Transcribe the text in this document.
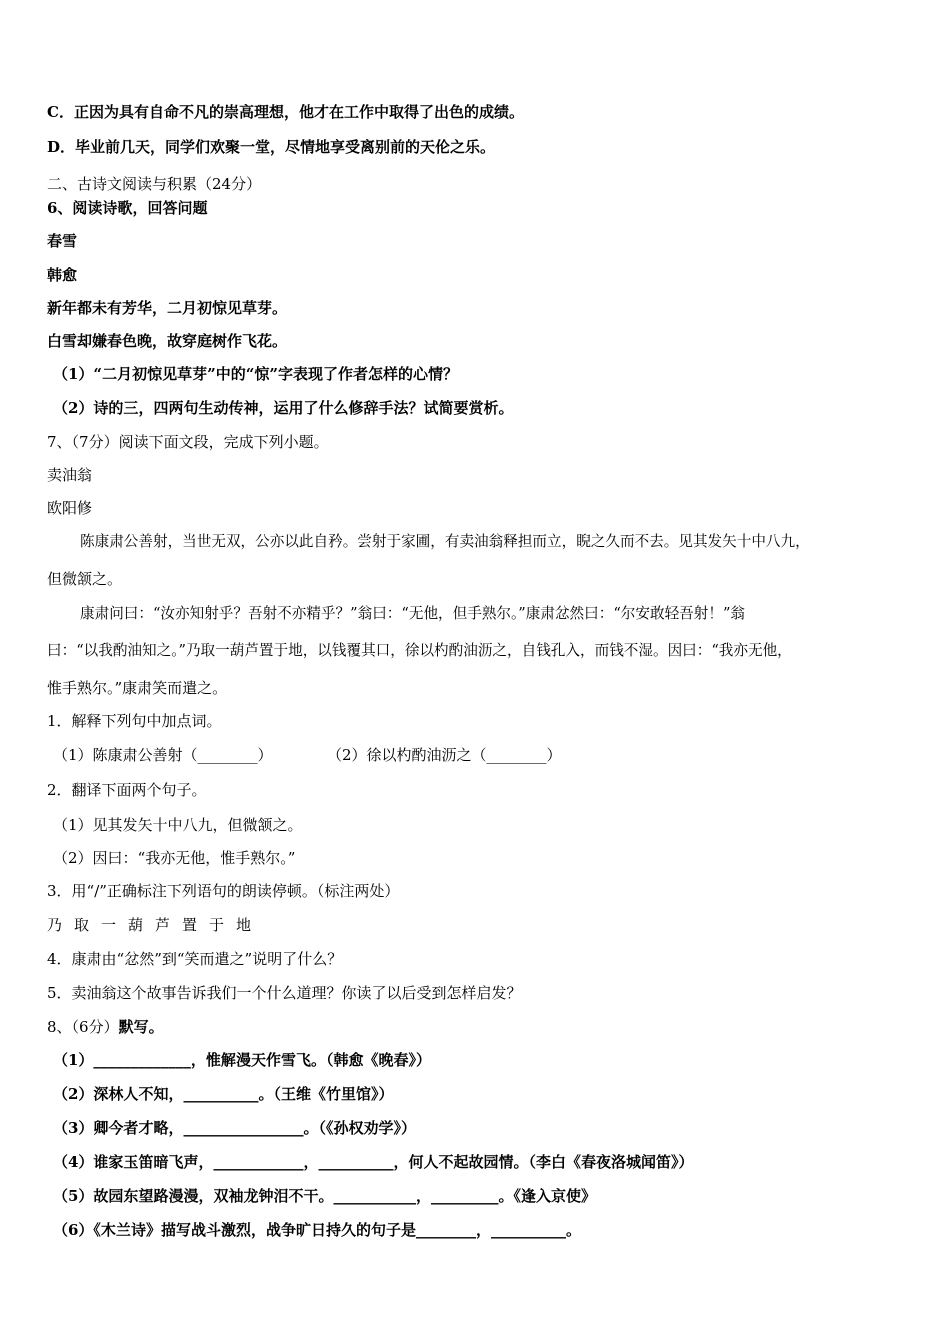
C．正因为具有自命不凡的崇高理想，他才在工作中取得了出色的成绩。
D．毕业前几天，同学们欢聚一堂，尽情地享受离别前的天伦之乐。
二、古诗文阅读与积累（24分）
6、阅读诗歌，回答问题
春雪
韩愈
新年都未有芳华，二月初惊见草芽。
白雪却嫌春色晚，故穿庭树作飞花。
（1）“二月初惊见草芽”中的“惊”字表现了作者怎样的心情？
（2）诗的三，四两句生动传神，运用了什么修辞手法？试简要赏析。
7、（7分）阅读下面文段，完成下列小题。
卖油翁
欧阳修
陈康肃公善射，当世无双，公亦以此自矜。尝射于家圃，有卖油翁释担而立，睨之久而不去。见其发矢十中八九，
但微颔之。
康肃问曰：“汝亦知射乎？吾射不亦精乎？”翁曰：“无他，但手熟尔。”康肃忿然曰：“尔安敢轻吾射！”翁
曰：“以我酌油知之。”乃取一葫芦置于地，以钱覆其口，徐以杓酌油沥之，自钱孔入，而钱不湿。因曰：“我亦无他，
惟手熟尔。”康肃笑而遣之。
1．解释下列句中加点词。
（1）陈康肃公善射（________）	（2）徐以杓酌油沥之（________）
2．翻译下面两个句子。
（1）见其发矢十中八九，但微颔之。
（2）因曰：“我亦无他，惟手熟尔。”
3．用“/”正确标注下列语句的朗读停顿。（标注两处）
乃取一葫芦置于地
4．康肃由“忿然”到“笑而遣之”说明了什么？
5．卖油翁这个故事告诉我们一个什么道理？你读了以后受到怎样启发？
8、（6分）默写。
（1）_____________，惟解漫天作雪飞。（韩愈《晚春》）
（2）深林人不知，__________。（王维《竹里馆》）
（3）卿今者才略，________________。（《孙权劝学》）
（4）谁家玉笛暗飞声，____________，__________，何人不起故园情。（李白《春夜洛城闻笛》）
（5）故园东望路漫漫，双袖龙钟泪不干。___________，_________。《逢入京使》
（6）《木兰诗》描写战斗激烈，战争旷日持久的句子是________，__________。
